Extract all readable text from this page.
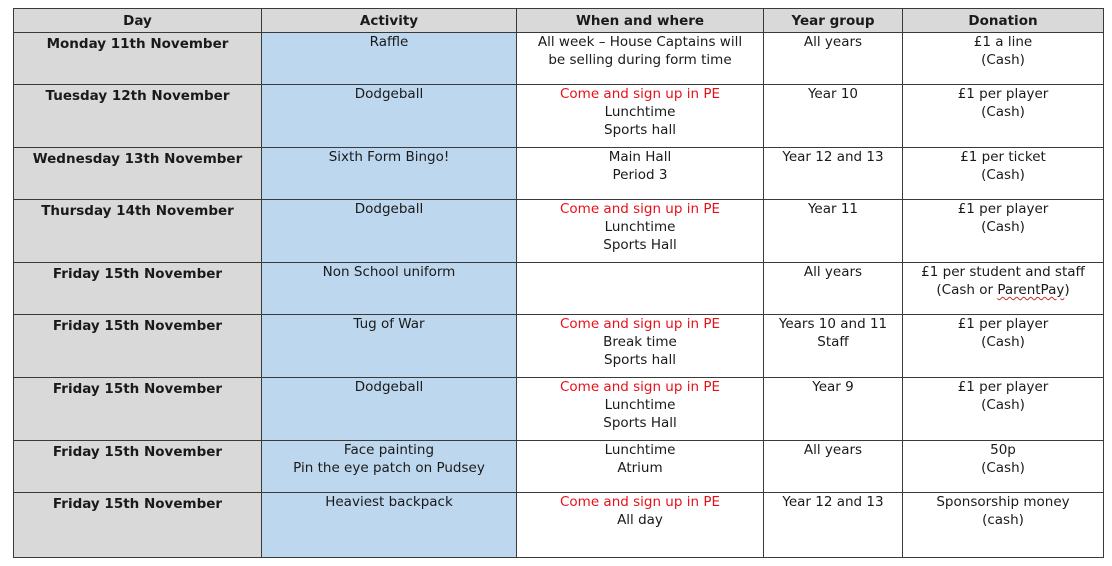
Day	Activity	When and where	Year group	Donation

Monday 11th November	Raffle	All week – House Captains will
be selling during form time	All years	£1 a line
(Cash)

Tuesday 12th November	Dodgeball	Come and sign up in PE
Lunchtime
Sports hall	Year 10	£1 per player
(Cash)

Wednesday 13th November	Sixth Form Bingo!	Main Hall
Period 3	Year 12 and 13	£1 per ticket
(Cash)

Thursday 14th November	Dodgeball	Come and sign up in PE
Lunchtime
Sports Hall	Year 11	£1 per player
(Cash)

Friday 15th November	Non School uniform		All years	£1 per student and staff
(Cash or ParentPay)

Friday 15th November	Tug of War	Come and sign up in PE
Break time
Sports hall	Years 10 and 11
Staff	£1 per player
(Cash)

Friday 15th November	Dodgeball	Come and sign up in PE
Lunchtime
Sports Hall	Year 9	£1 per player
(Cash)

Friday 15th November	Face painting
Pin the eye patch on Pudsey	Lunchtime
Atrium	All years	50p
(Cash)

Friday 15th November	Heaviest backpack	Come and sign up in PE
All day	Year 12 and 13	Sponsorship money
(cash)
